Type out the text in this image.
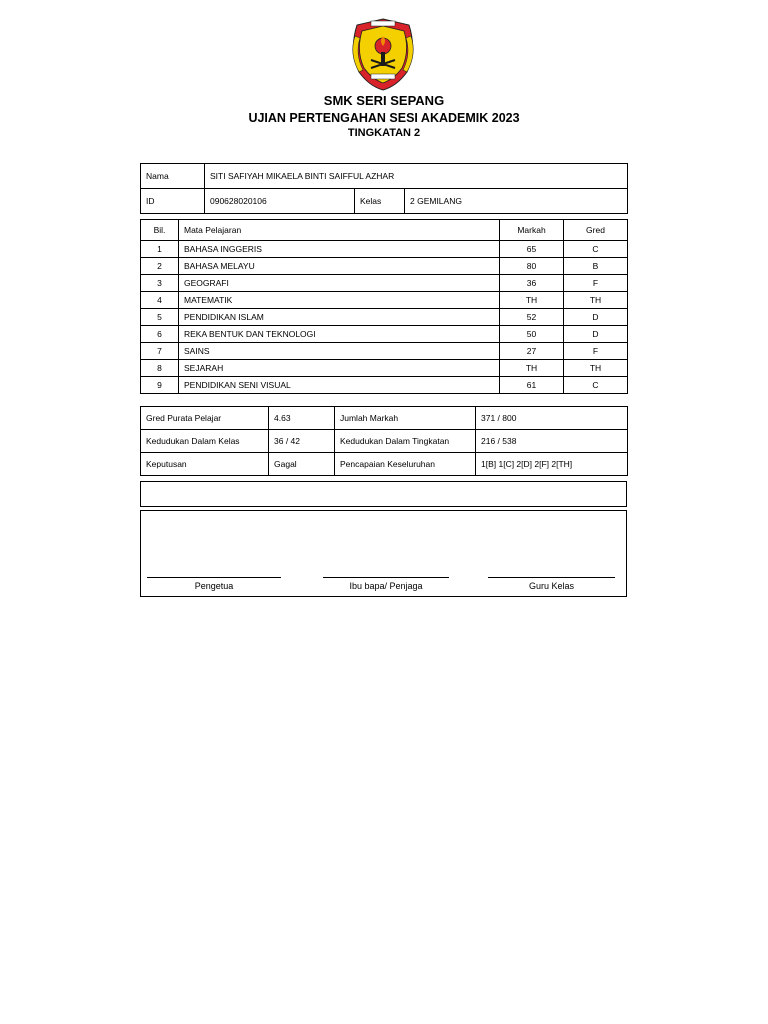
SMK SERI SEPANG
UJIAN PERTENGAHAN SESI AKADEMIK 2023
TINGKATAN 2
Nama	SITI SAFIYAH MIKAELA BINTI SAIFFUL AZHAR		
ID	090628020106	Kelas	2 GEMILANG
Bil.	Mata Pelajaran	Markah	Gred
1	BAHASA INGGERIS	65	C
2	BAHASA MELAYU	80	B
3	GEOGRAFI	36	F
4	MATEMATIK	TH	TH
5	PENDIDIKAN ISLAM	52	D
6	REKA BENTUK DAN TEKNOLOGI	50	D
7	SAINS	27	F
8	SEJARAH	TH	TH
9	PENDIDIKAN SENI VISUAL	61	C
Gred Purata Pelajar	4.63	Jumlah Markah	371 / 800
Kedudukan Dalam Kelas	36 / 42	Kedudukan Dalam Tingkatan	216 / 538
Keputusan	Gagal	Pencapaian Keseluruhan	1[B] 1[C] 2[D] 2[F] 2[TH]
Pengetua	Ibu bapa/ Penjaga	Guru Kelas
